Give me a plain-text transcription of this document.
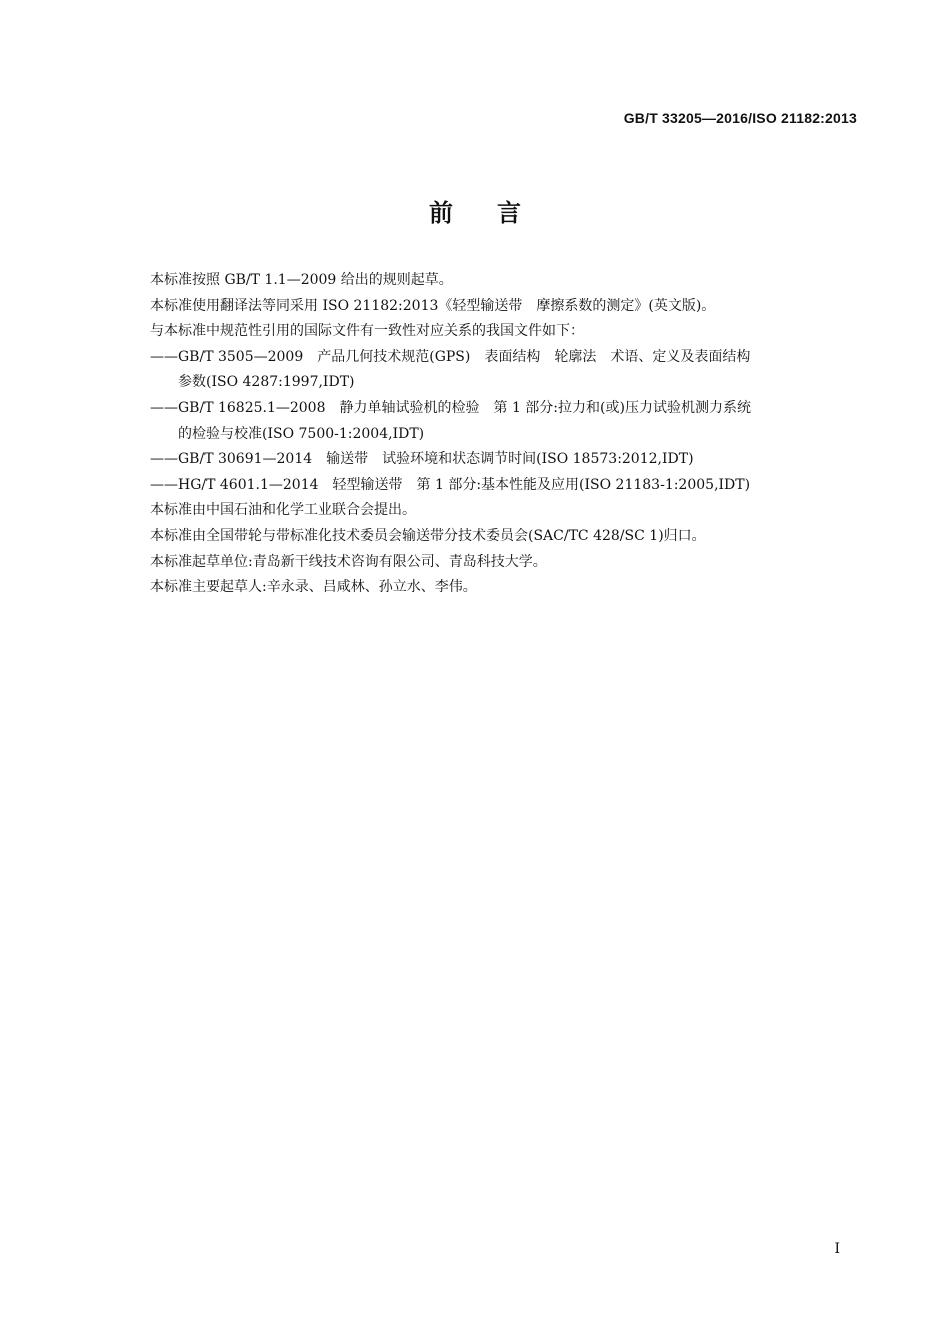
GB/T 33205—2016/ISO 21182:2013
前言

本标准按照 GB/T 1.1—2009 给出的规则起草。

本标准使用翻译法等同采用 ISO 21182:2013《轻型输送带　摩擦系数的测定》(英文版)。

与本标准中规范性引用的国际文件有一致性对应关系的我国文件如下：

—— GB/T 3505—2009　产品几何技术规范(GPS)　表面结构　轮廓法　术语、定义及表面结构
参数(ISO 4287:1997,IDT)
—— GB/T 16825.1—2008　静力单轴试验机的检验　第 1 部分:拉力和(或)压力试验机测力系统
的检验与校准(ISO 7500-1:2004,IDT)
—— GB/T 30691—2014　输送带　试验环境和状态调节时间(ISO 18573:2012,IDT)
—— HG/T 4601.1—2014　轻型输送带　第 1 部分:基本性能及应用(ISO 21183-1:2005,IDT)

本标准由中国石油和化学工业联合会提出。

本标准由全国带轮与带标准化技术委员会输送带分技术委员会(SAC/TC 428/SC 1)归口。

本标准起草单位:青岛新干线技术咨询有限公司、青岛科技大学。

本标准主要起草人:辛永录、吕咸林、孙立水、李伟。

I
